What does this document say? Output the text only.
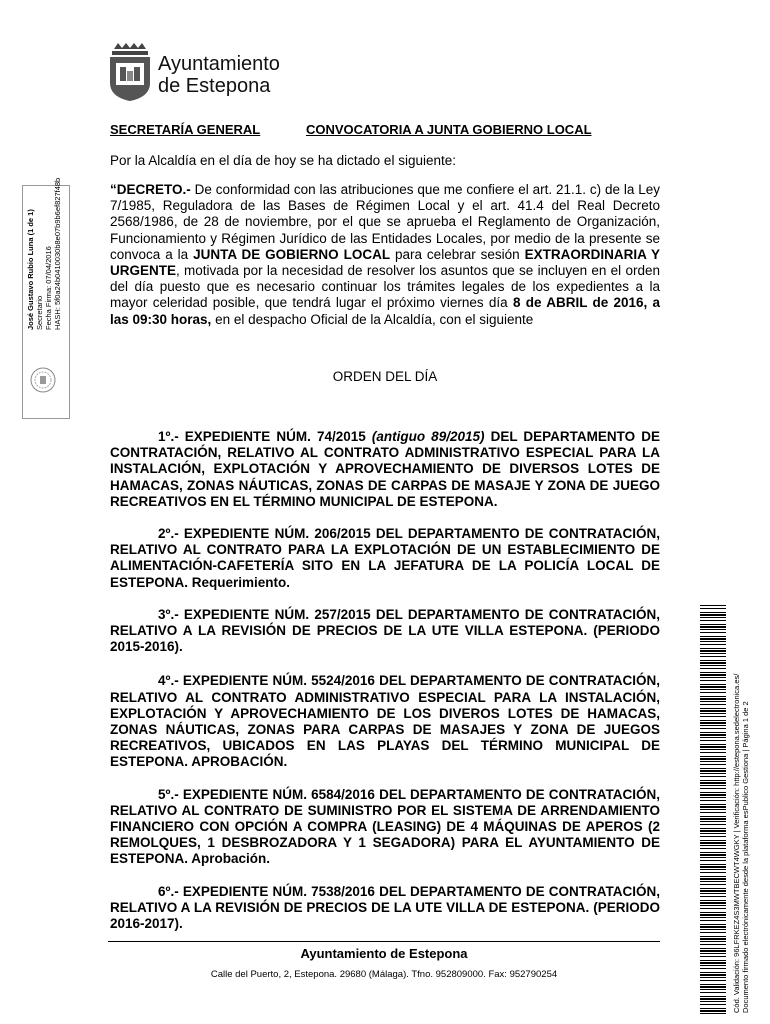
Ayuntamiento
de Estepona
José Gustavo Rubio Luna (1 de 1) Secretario Fecha Firma: 07/04/2016 HASH: 5f0a24b0410030b8e07b9b6ef827f48b
SECRETARÍA GENERAL	CONVOCATORIA A JUNTA GOBIERNO LOCAL
Por la Alcaldía en el día de hoy se ha dictado el siguiente:
“DECRETO.- De conformidad con las atribuciones que me confiere el art. 21.1. c) de la Ley 7/1985, Reguladora de las Bases de Régimen Local y el art. 41.4 del Real Decreto 2568/1986, de 28 de noviembre, por el que se aprueba el Reglamento de Organización, Funcionamiento y Régimen Jurídico de las Entidades Locales, por medio de la presente se convoca a la JUNTA DE GOBIERNO LOCAL para celebrar sesión EXTRAORDINARIA Y URGENTE, motivada por la necesidad de resolver los asuntos que se incluyen en el orden del día puesto que es necesario continuar los trámites legales de los expedientes a la mayor celeridad posible, que tendrá lugar el próximo viernes día 8 de ABRIL de 2016, a las 09:30 horas, en el despacho Oficial de la Alcaldía, con el siguiente
ORDEN DEL DÍA
1º.- EXPEDIENTE NÚM. 74/2015 (antiguo 89/2015) DEL DEPARTAMENTO DE CONTRATACIÓN, RELATIVO AL CONTRATO ADMINISTRATIVO ESPECIAL PARA LA INSTALACIÓN, EXPLOTACIÓN Y APROVECHAMIENTO DE DIVERSOS LOTES DE HAMACAS, ZONAS NÁUTICAS, ZONAS DE CARPAS DE MASAJE Y ZONA DE JUEGO RECREATIVOS EN EL TÉRMINO MUNICIPAL DE ESTEPONA.
2º.- EXPEDIENTE NÚM. 206/2015 DEL DEPARTAMENTO DE CONTRATACIÓN, RELATIVO AL CONTRATO PARA LA EXPLOTACIÓN DE UN ESTABLECIMIENTO DE ALIMENTACIÓN-CAFETERÍA SITO EN LA JEFATURA DE LA POLICÍA LOCAL DE ESTEPONA. Requerimiento.
3º.- EXPEDIENTE NÚM. 257/2015 DEL DEPARTAMENTO DE CONTRATACIÓN, RELATIVO A LA REVISIÓN DE PRECIOS DE LA UTE VILLA ESTEPONA. (PERIODO 2015-2016).
4º.- EXPEDIENTE NÚM. 5524/2016 DEL DEPARTAMENTO DE CONTRATACIÓN, RELATIVO AL CONTRATO ADMINISTRATIVO ESPECIAL PARA LA INSTALACIÓN, EXPLOTACIÓN Y APROVECHAMIENTO DE LOS DIVEROS LOTES DE HAMACAS, ZONAS NÁUTICAS, ZONAS PARA CARPAS DE MASAJES Y ZONA DE JUEGOS RECREATIVOS, UBICADOS EN LAS PLAYAS DEL TÉRMINO MUNICIPAL DE ESTEPONA. APROBACIÓN.
5º.- EXPEDIENTE NÚM. 6584/2016 DEL DEPARTAMENTO DE CONTRATACIÓN, RELATIVO AL CONTRATO DE SUMINISTRO POR EL SISTEMA DE ARRENDAMIENTO FINANCIERO CON OPCIÓN A COMPRA (LEASING) DE 4 MÁQUINAS DE APEROS (2 REMOLQUES, 1 DESBROZADORA Y 1 SEGADORA) PARA EL AYUNTAMIENTO DE ESTEPONA. Aprobación.
6º.- EXPEDIENTE NÚM. 7538/2016 DEL DEPARTAMENTO DE CONTRATACIÓN, RELATIVO A LA REVISIÓN DE PRECIOS DE LA UTE VILLA DE ESTEPONA. (PERIODO 2016-2017).
Ayuntamiento de Estepona
Calle del Puerto, 2, Estepona. 29680 (Málaga). Tfno. 952809000. Fax: 952790254	Cód. Validación: 96LFRKEZ4S3MWTBECWT4WGKY | Verificación: http://estepona.sedelectronica.es/ Documento firmado electrónicamente desde la plataforma esPublico Gestiona | Página 1 de 2
